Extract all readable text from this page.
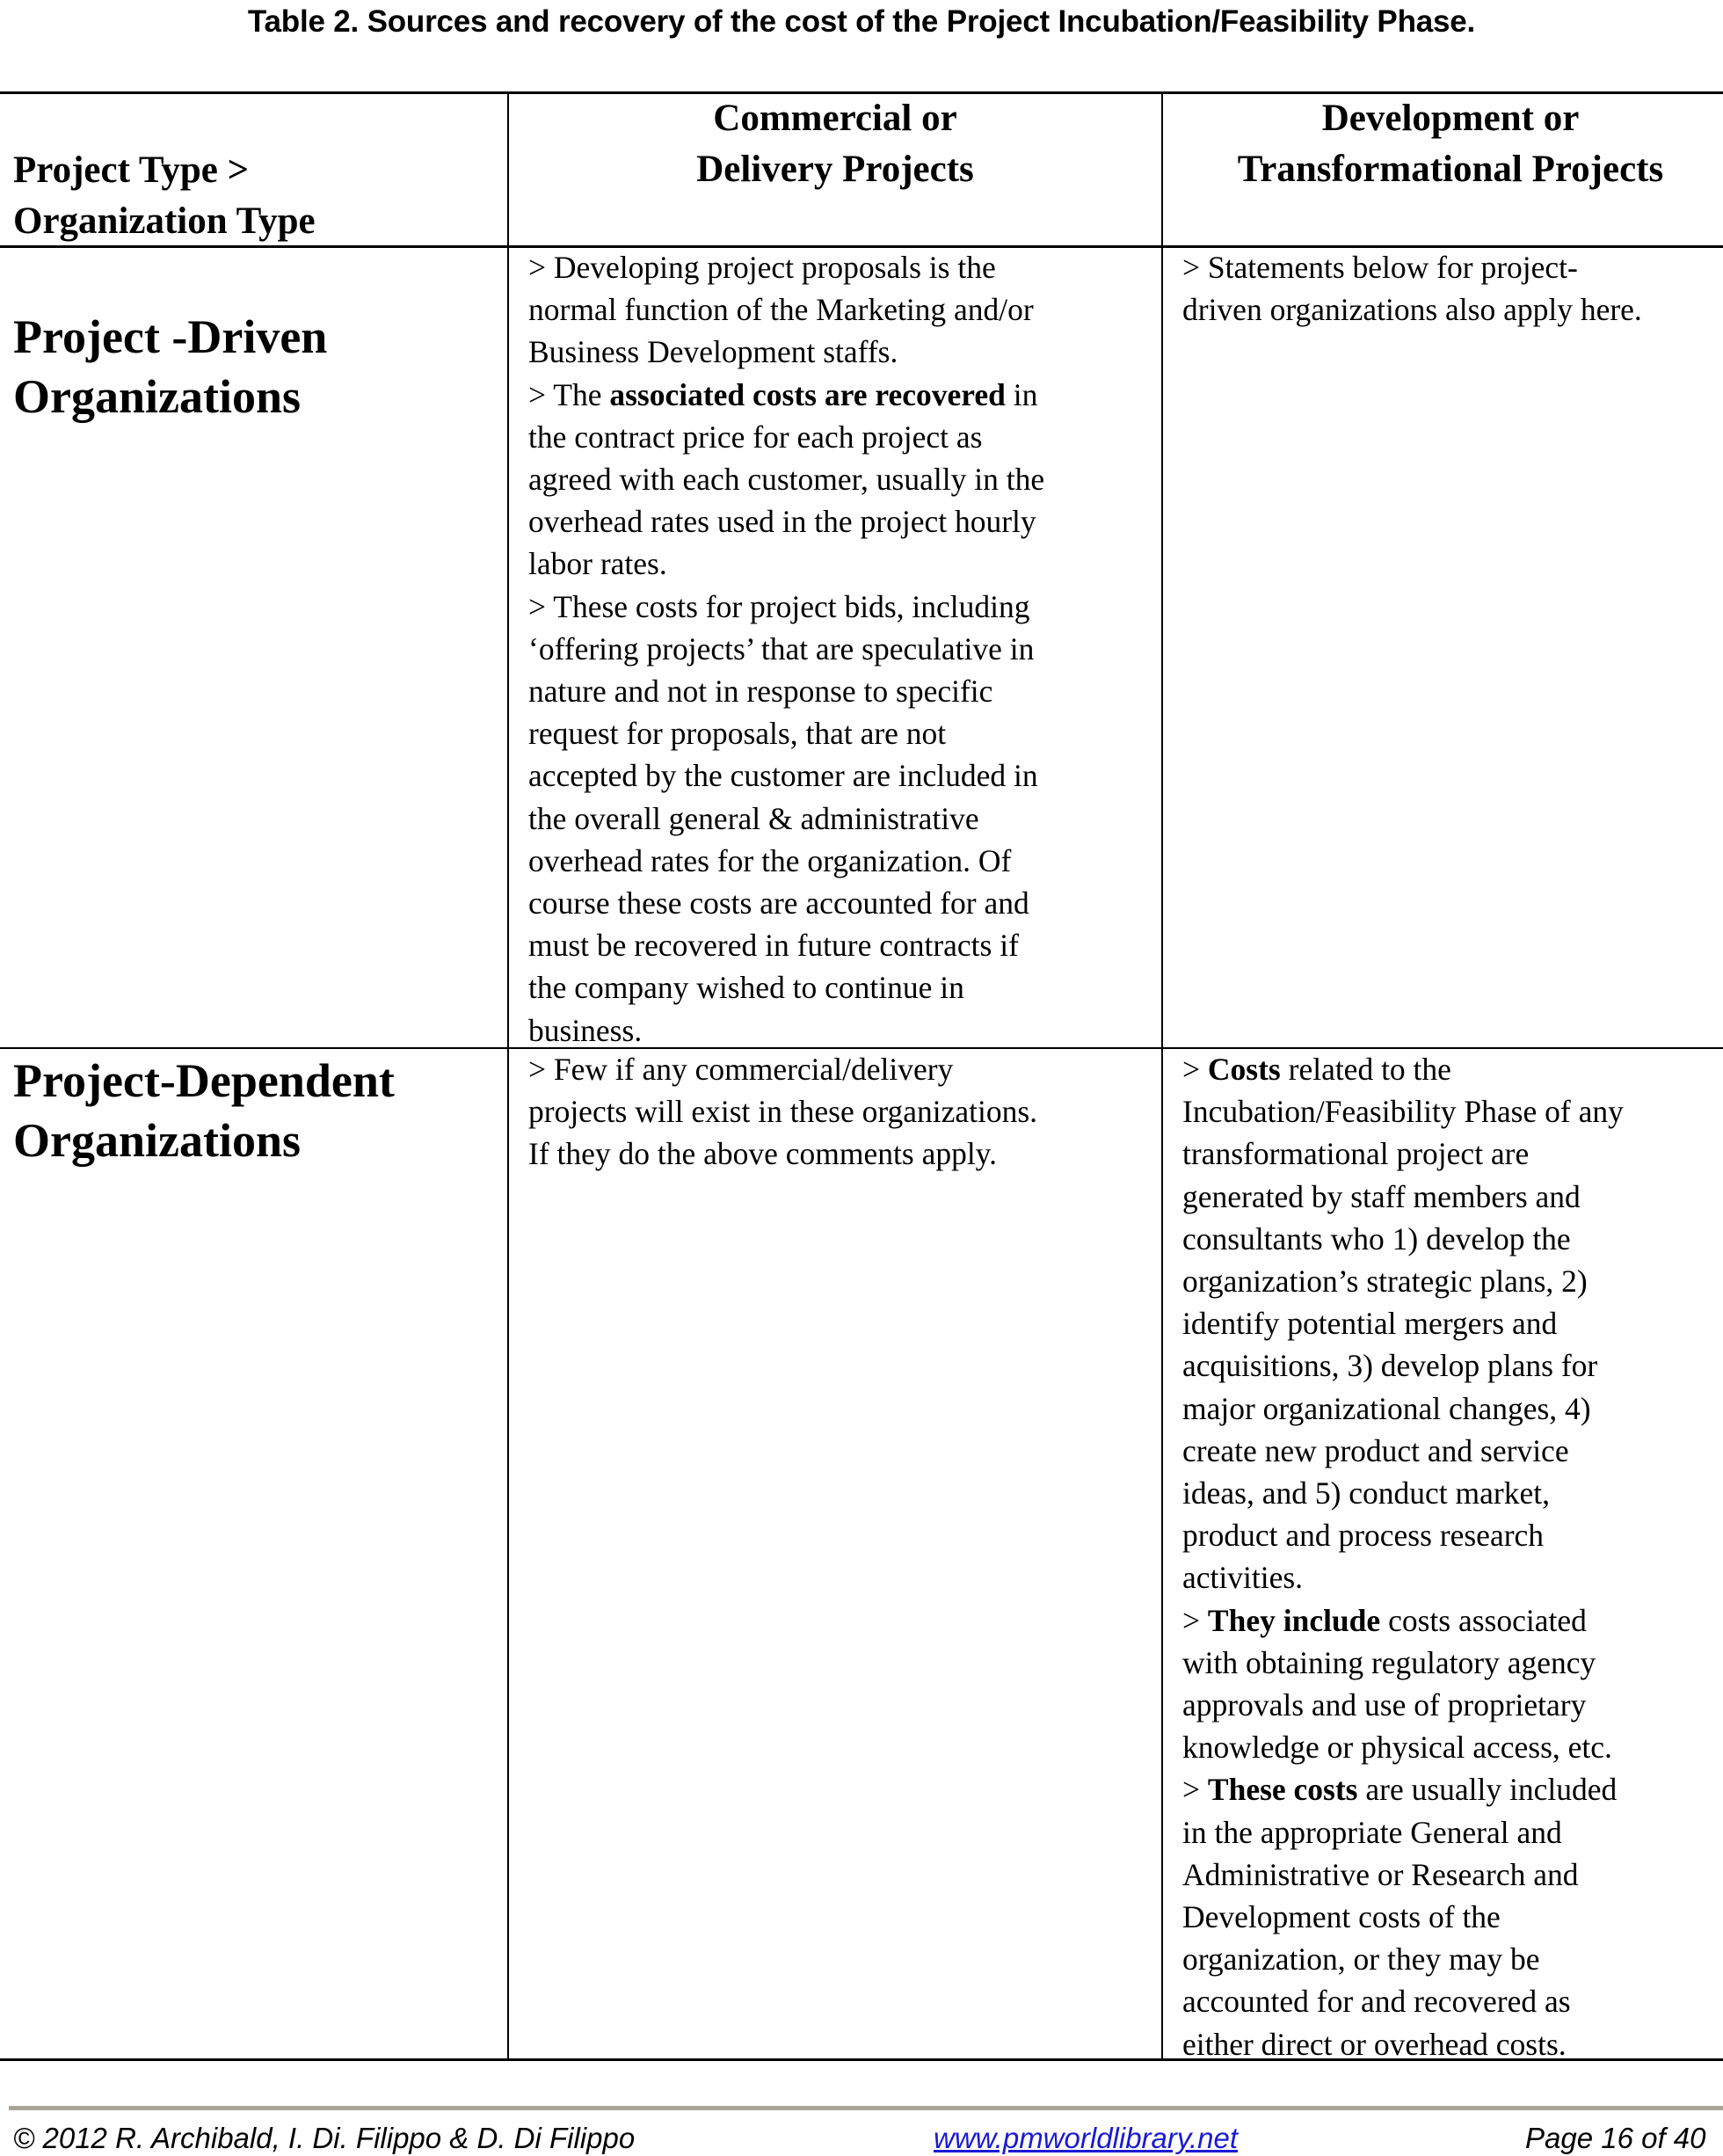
Table 2. Sources and recovery of the cost of the Project Incubation/Feasibility Phase.
Project Type >
Organization Type
Commercial or
Delivery Projects
Development or
Transformational Projects
Project -Driven
Organizations
> Developing project proposals is the
normal function of the Marketing and/or
Business Development staffs.
> The associated costs are recovered in
the contract price for each project as
agreed with each customer, usually in the
overhead rates used in the project hourly
labor rates.
> These costs for project bids, including
‘offering projects’ that are speculative in
nature and not in response to specific
request for proposals, that are not
accepted by the customer are included in
the overall general & administrative
overhead rates for the organization. Of
course these costs are accounted for and
must be recovered in future contracts if
the company wished to continue in
business.
> Statements below for project-
driven organizations also apply here.
Project-Dependent
Organizations
> Few if any commercial/delivery
projects will exist in these organizations.
If they do the above comments apply.
> Costs related to the
Incubation/Feasibility Phase of any
transformational project are
generated by staff members and
consultants who 1) develop the
organization’s strategic plans, 2)
identify potential mergers and
acquisitions, 3) develop plans for
major organizational changes, 4)
create new product and service
ideas, and 5) conduct market,
product and process research
activities.
> They include costs associated
with obtaining regulatory agency
approvals and use of proprietary
knowledge or physical access, etc.
> These costs are usually included
in the appropriate General and
Administrative or Research and
Development costs of the
organization, or they may be
accounted for and recovered as
either direct or overhead costs.
© 2012 R. Archibald, I. Di. Filippo & D. Di Filippo	www.pmworldlibrary.net	Page 16 of 40
